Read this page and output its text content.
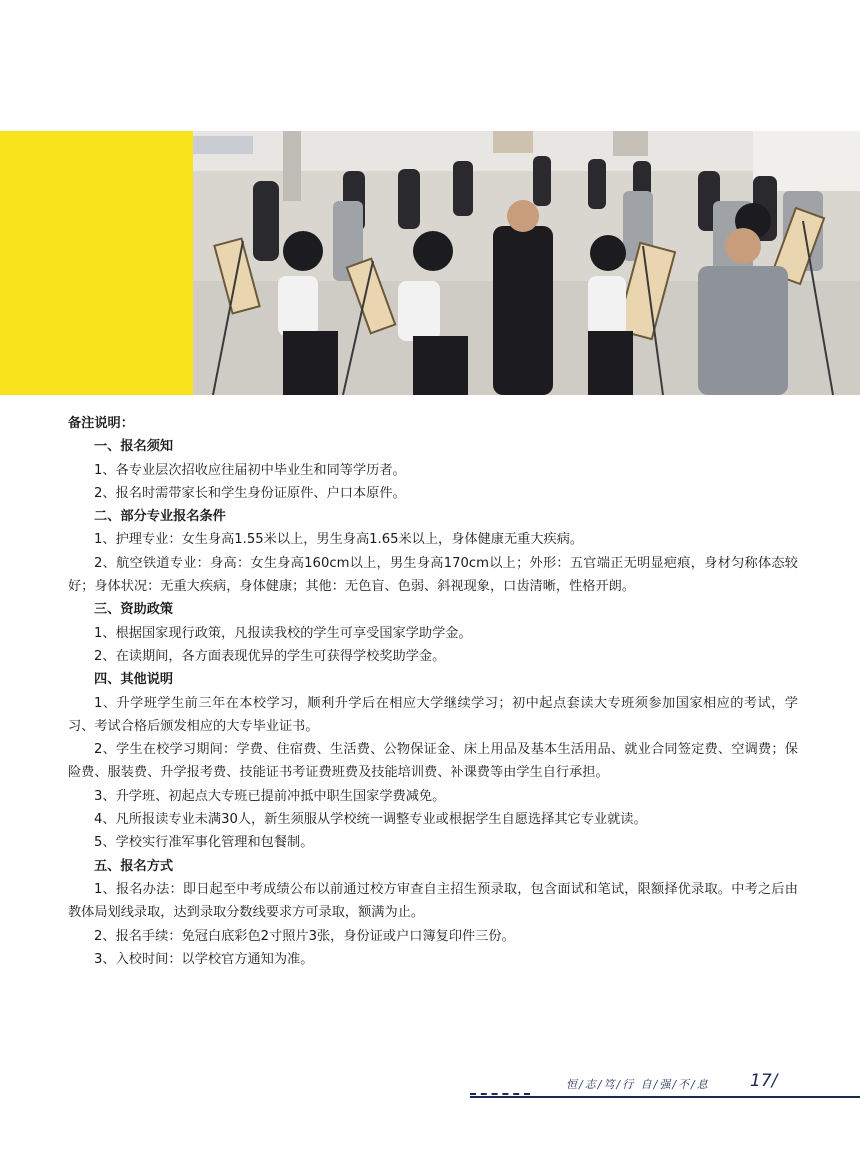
备注说明：

一、报名须知

1、各专业层次招收应往届初中毕业生和同等学历者。

2、报名时需带家长和学生身份证原件、户口本原件。

二、部分专业报名条件

1、护理专业：女生身高1.55米以上，男生身高1.65米以上，身体健康无重大疾病。

2、航空铁道专业：身高：女生身高160cm以上，男生身高170cm以上；外形：五官端正无明显疤痕，身材匀称体态较好；身体状况：无重大疾病，身体健康；其他：无色盲、色弱、斜视现象，口齿清晰，性格开朗。

三、资助政策

1、根据国家现行政策，凡报读我校的学生可享受国家学助学金。

2、在读期间，各方面表现优异的学生可获得学校奖助学金。

四、其他说明

1、升学班学生前三年在本校学习，顺利升学后在相应大学继续学习；初中起点套读大专班须参加国家相应的考试，学习、考试合格后颁发相应的大专毕业证书。

2、学生在校学习期间：学费、住宿费、生活费、公物保证金、床上用品及基本生活用品、就业合同签定费、空调费；保险费、服装费、升学报考费、技能证书考证费班费及技能培训费、补课费等由学生自行承担。

3、升学班、初起点大专班已提前冲抵中职生国家学费减免。

4、凡所报读专业未满30人，新生须服从学校统一调整专业或根据学生自愿选择其它专业就读。

5、学校实行准军事化管理和包餐制。

五、报名方式

1、报名办法：即日起至中考成绩公布以前通过校方审查自主招生预录取，包含面试和笔试，限额择优录取。中考之后由教体局划线录取，达到录取分数线要求方可录取，额满为止。

2、报名手续：免冠白底彩色2寸照片3张，身份证或户口簿复印件三份。

3、入校时间：以学校官方通知为准。

恒/志/笃/行 自/强/不/息 17/
